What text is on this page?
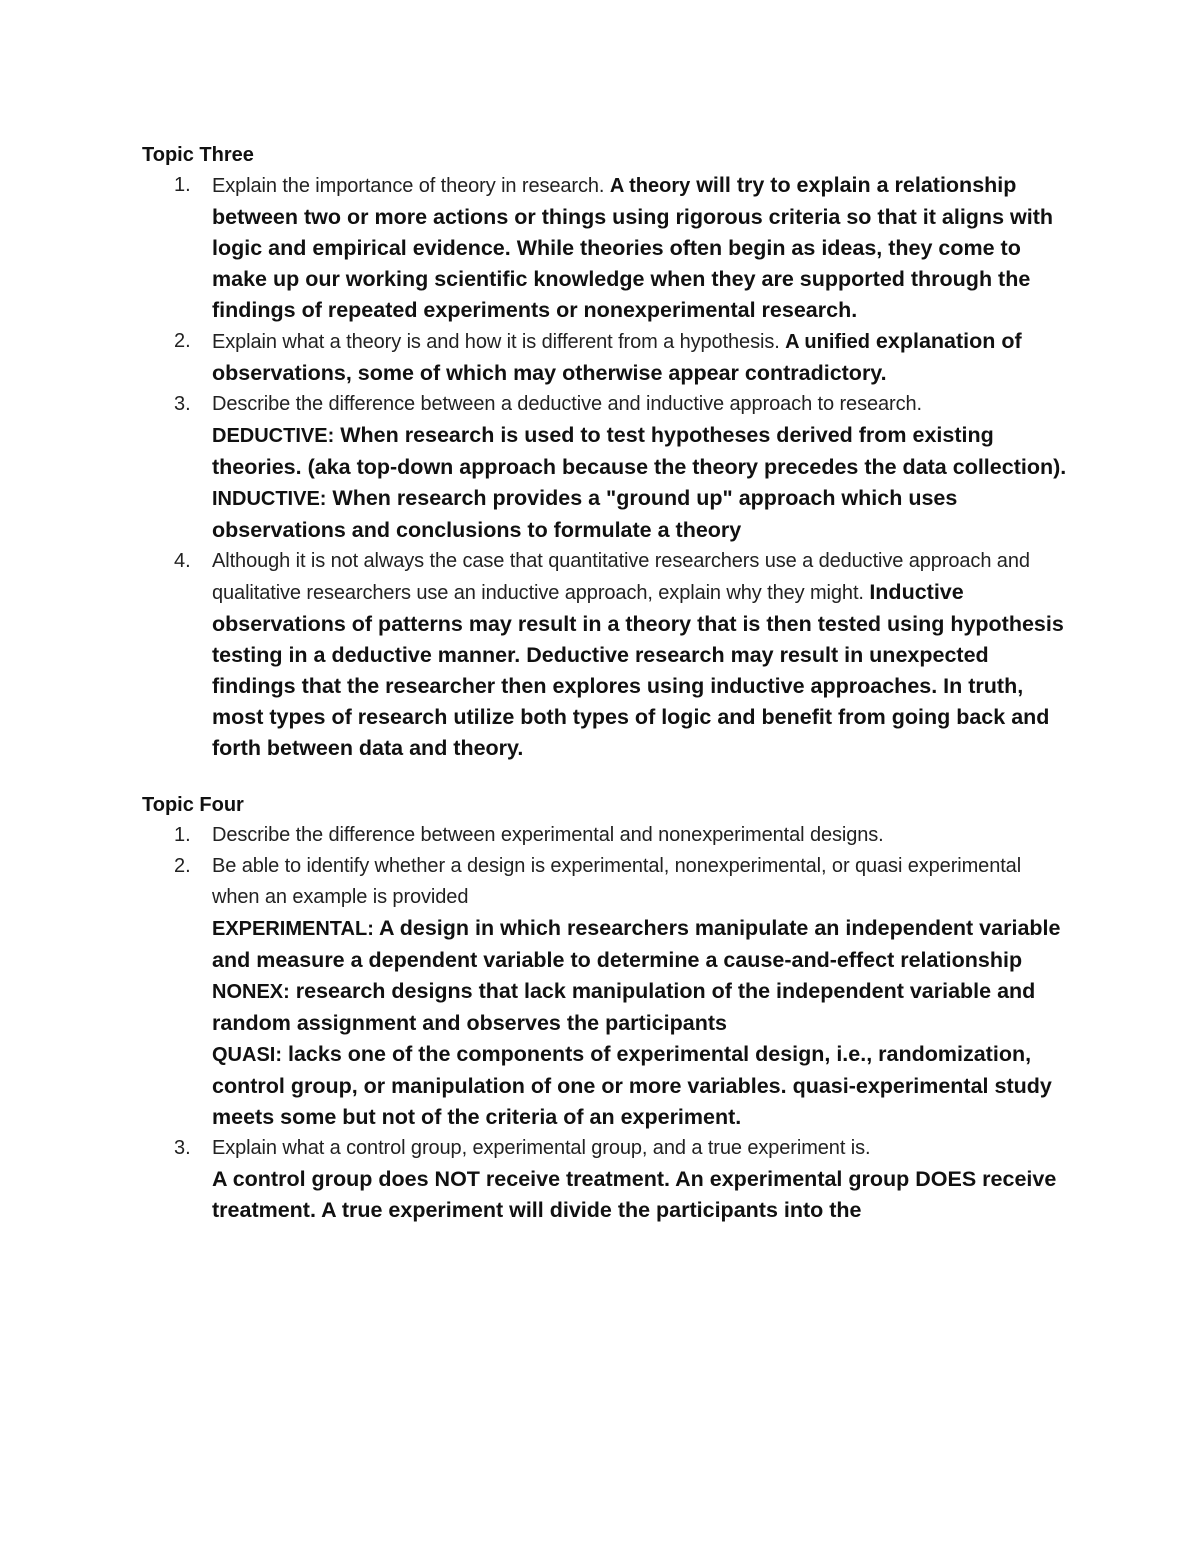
Topic Three

1. Explain the importance of theory in research. A theory will try to explain a relationship between two or more actions or things using rigorous criteria so that it aligns with logic and empirical evidence. While theories often begin as ideas, they come to make up our working scientific knowledge when they are supported through the findings of repeated experiments or nonexperimental research.
2. Explain what a theory is and how it is different from a hypothesis. A unified explanation of observations, some of which may otherwise appear contradictory.
3. Describe the difference between a deductive and inductive approach to research.
DEDUCTIVE: When research is used to test hypotheses derived from existing theories. (aka top-down approach because the theory precedes the data collection).
INDUCTIVE: When research provides a "ground up" approach which uses observations and conclusions to formulate a theory
4. Although it is not always the case that quantitative researchers use a deductive approach and qualitative researchers use an inductive approach, explain why they might. Inductive observations of patterns may result in a theory that is then tested using hypothesis testing in a deductive manner. Deductive research may result in unexpected findings that the researcher then explores using inductive approaches. In truth, most types of research utilize both types of logic and benefit from going back and forth between data and theory.

Topic Four

1. Describe the difference between experimental and nonexperimental designs.
2. Be able to identify whether a design is experimental, nonexperimental, or quasi experimental when an example is provided
EXPERIMENTAL: A design in which researchers manipulate an independent variable and measure a dependent variable to determine a cause-and-effect relationship
NONEX: research designs that lack manipulation of the independent variable and random assignment and observes the participants
QUASI: lacks one of the components of experimental design, i.e., randomization, control group, or manipulation of one or more variables. quasi-experimental study meets some but not of the criteria of an experiment.
3. Explain what a control group, experimental group, and a true experiment is.
A control group does NOT receive treatment. An experimental group DOES receive treatment. A true experiment will divide the participants into the
